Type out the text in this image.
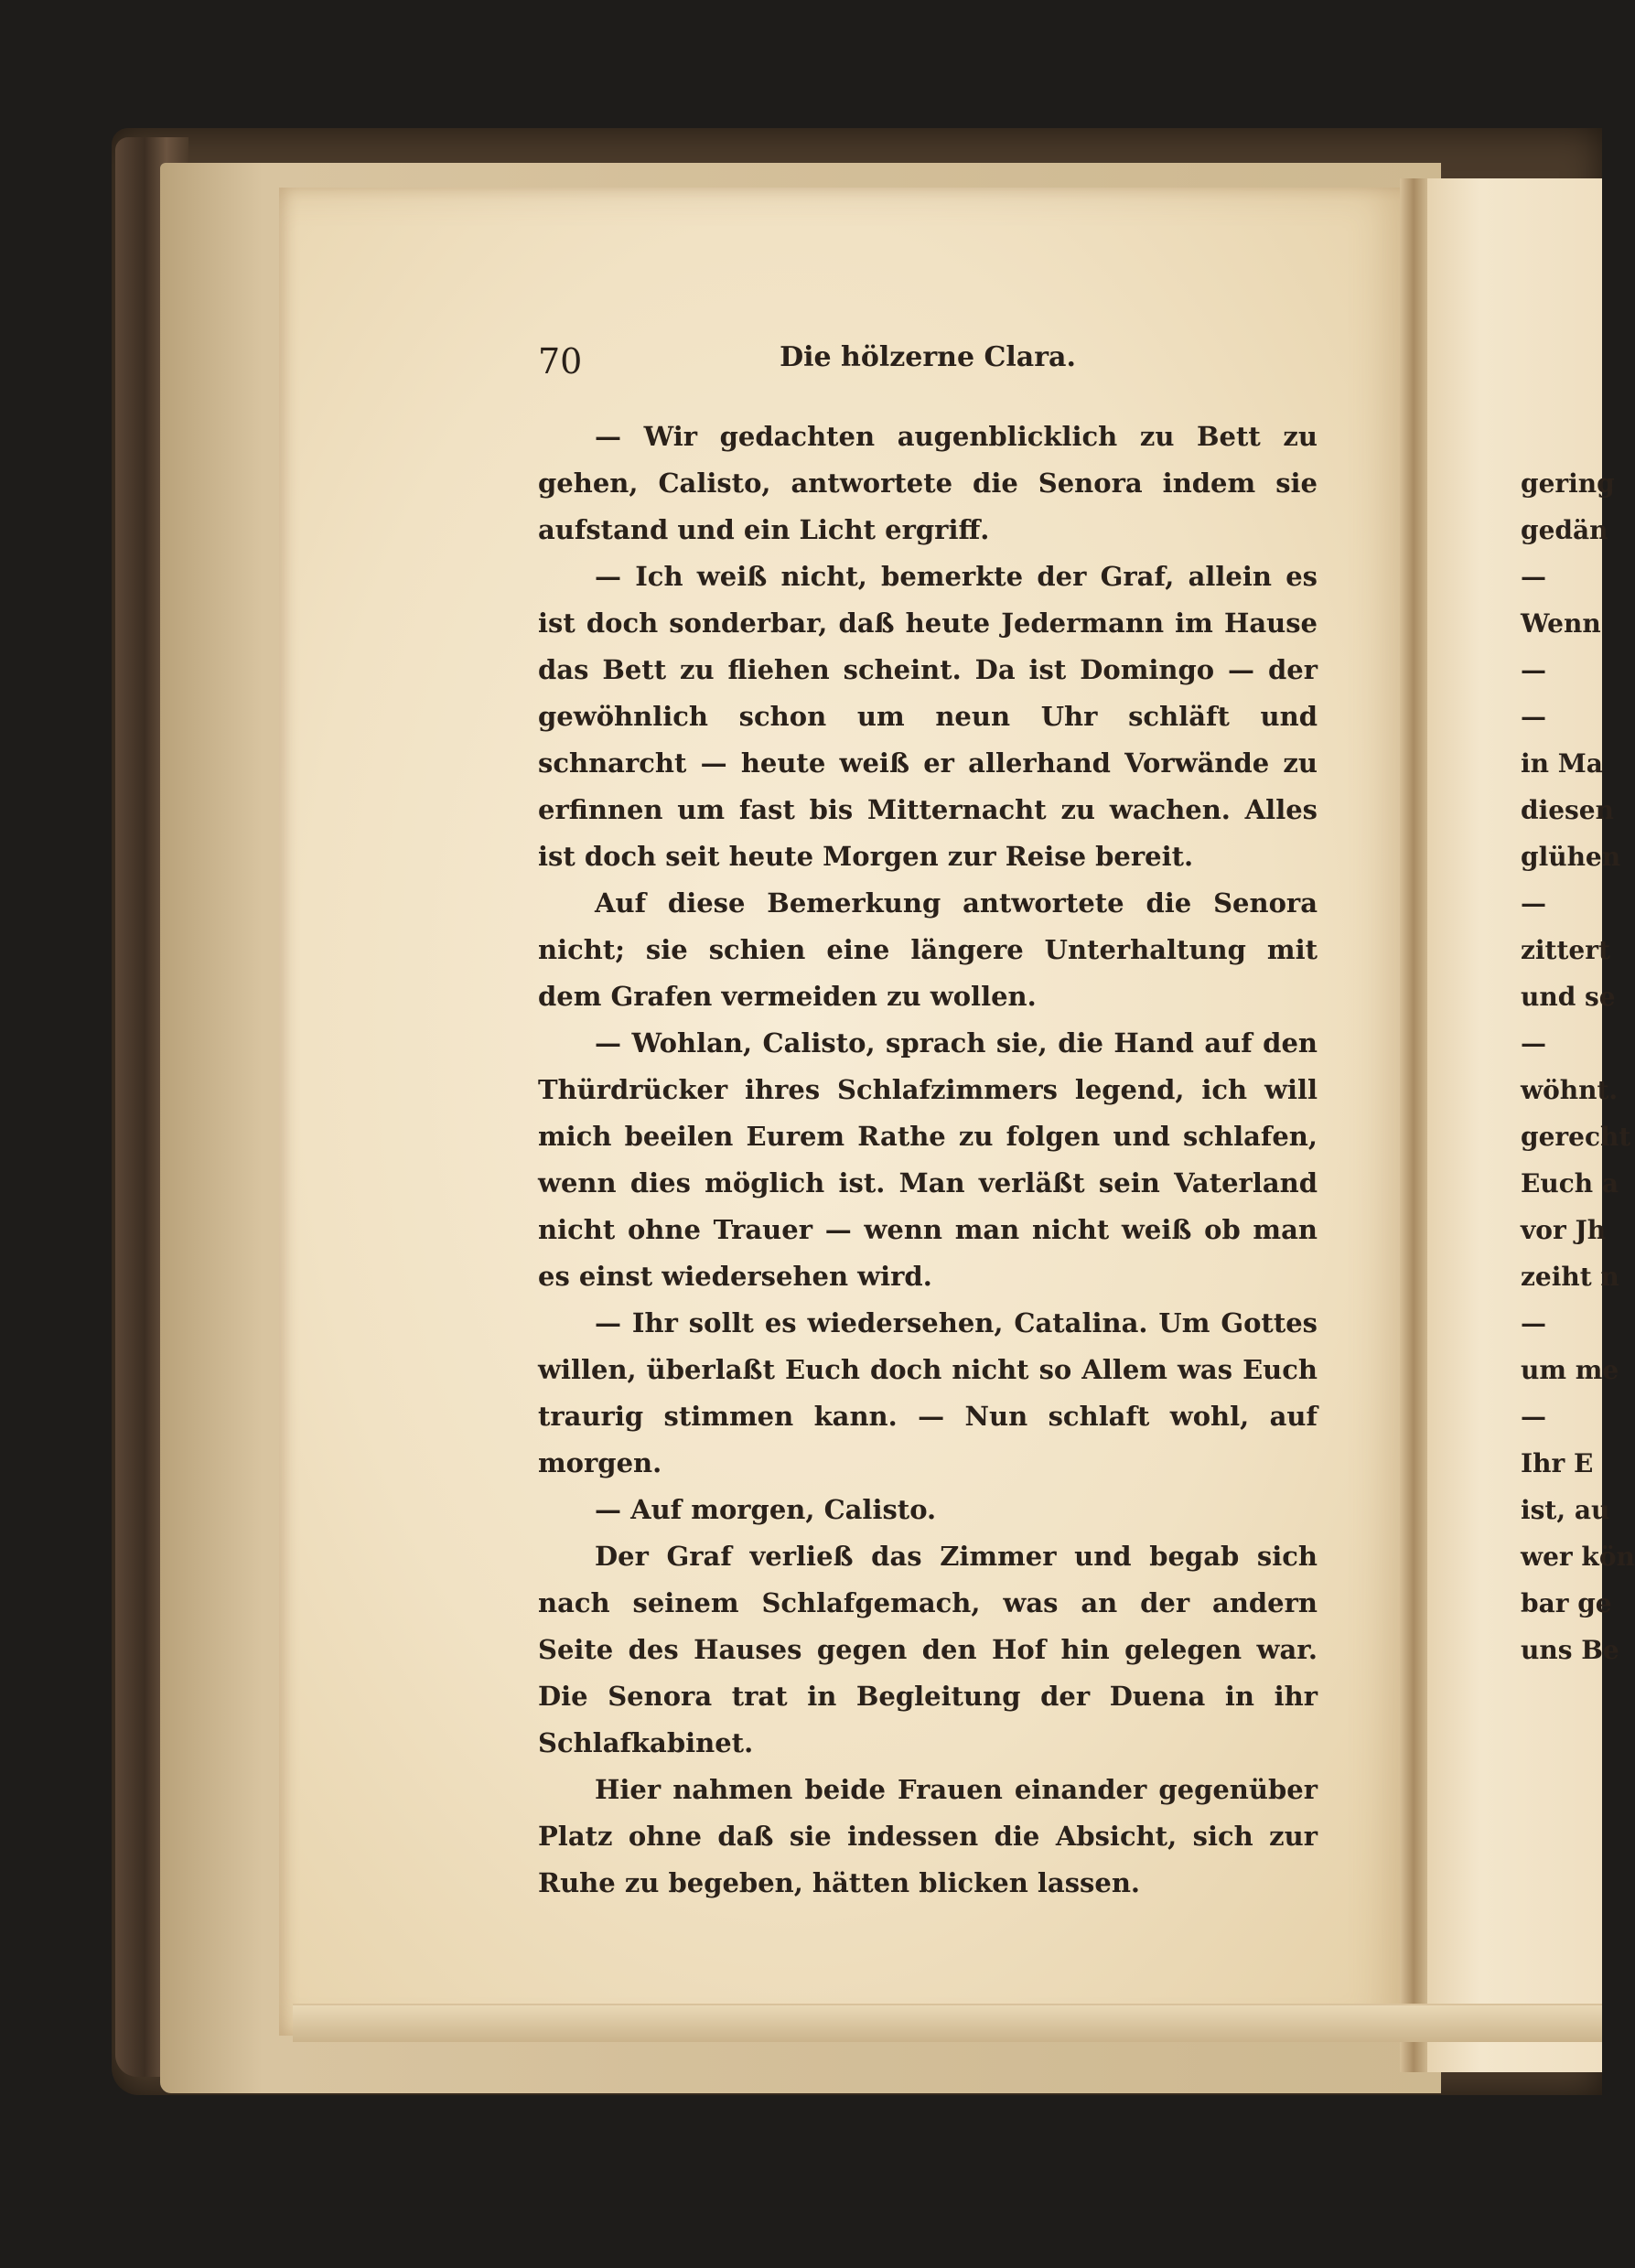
70	Die hölzerne Clara.

— Wir gedachten augenblicklich zu Bett zu gehen, Calisto, antwortete die Senora indem sie aufstand und ein Licht ergriff.

— Ich weiß nicht, bemerkte der Graf, allein es ist doch sonderbar, daß heute Jedermann im Hause das Bett zu fliehen scheint. Da ist Domingo — der gewöhnlich schon um neun Uhr schläft und schnarcht — heute weiß er allerhand Vorwände zu erfinnen um fast bis Mitternacht zu wachen. Alles ist doch seit heute Morgen zur Reise bereit.

Auf diese Bemerkung antwortete die Senora nicht; sie schien eine längere Unterhaltung mit dem Grafen vermeiden zu wollen.

— Wohlan, Calisto, sprach sie, die Hand auf den Thürdrücker ihres Schlafzimmers legend, ich will mich beeilen Eurem Rathe zu folgen und schlafen, wenn dies möglich ist. Man verläßt sein Vaterland nicht ohne Trauer — wenn man nicht weiß ob man es einst wiedersehen wird.

— Ihr sollt es wiedersehen, Catalina. Um Gottes willen, überlaßt Euch doch nicht so Allem was Euch traurig stimmen kann. — Nun schlaft wohl, auf morgen.

— Auf morgen, Calisto.

Der Graf verließ das Zimmer und begab sich nach seinem Schlafgemach, was an der andern Seite des Hauses gegen den Hof hin gelegen war. Die Senora trat in Begleitung der Duena in ihr Schlafkabinet.

Hier nahmen beide Frauen einander gegenüber Platz ohne daß sie indessen die Absicht, sich zur Ruhe zu begeben, hätten blicken lassen.

gering
gedän
—
Wenn
—
—
in Ma
diesen
glühen
—
zittert
und se
—
wöhnt.
gerecht
Euch a
vor Jh
zeiht n
—
um me
—
Ihr E
ist, au
wer kön
bar ge
uns Be
